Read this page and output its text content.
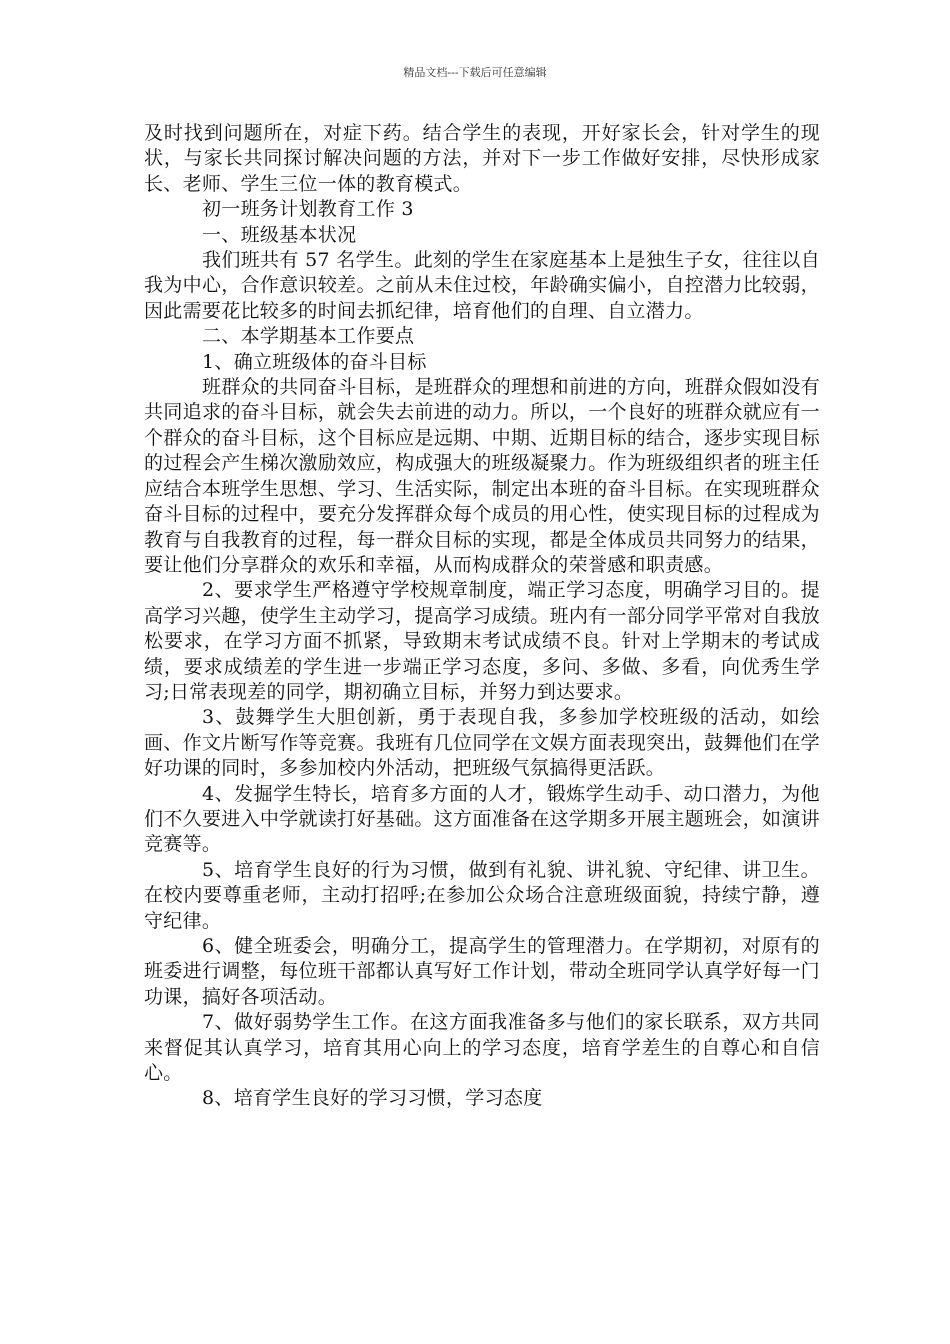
精品文档---下载后可任意编辑

及时找到问题所在，对症下药。结合学生的表现，开好家长会，针对学生的现状，与家长共同探讨解决问题的方法，并对下一步工作做好安排，尽快形成家长、老师、学生三位一体的教育模式。

初一班务计划教育工作 3

一、班级基本状况

我们班共有 57 名学生。此刻的学生在家庭基本上是独生子女，往往以自我为中心，合作意识较差。之前从未住过校，年龄确实偏小，自控潜力比较弱，因此需要花比较多的时间去抓纪律，培育他们的自理、自立潜力。

二、本学期基本工作要点

1、确立班级体的奋斗目标

班群众的共同奋斗目标，是班群众的理想和前进的方向，班群众假如没有共同追求的奋斗目标，就会失去前进的动力。所以，一个良好的班群众就应有一个群众的奋斗目标，这个目标应是远期、中期、近期目标的结合，逐步实现目标的过程会产生梯次激励效应，构成强大的班级凝聚力。作为班级组织者的班主任应结合本班学生思想、学习、生活实际，制定出本班的奋斗目标。在实现班群众奋斗目标的过程中，要充分发挥群众每个成员的用心性，使实现目标的过程成为教育与自我教育的过程，每一群众目标的实现，都是全体成员共同努力的结果，要让他们分享群众的欢乐和幸福，从而构成群众的荣誉感和职责感。

2、要求学生严格遵守学校规章制度，端正学习态度，明确学习目的。提高学习兴趣，使学生主动学习，提高学习成绩。班内有一部分同学平常对自我放松要求，在学习方面不抓紧，导致期末考试成绩不良。针对上学期末的考试成绩，要求成绩差的学生进一步端正学习态度，多问、多做、多看，向优秀生学习;日常表现差的同学，期初确立目标，并努力到达要求。

3、鼓舞学生大胆创新，勇于表现自我，多参加学校班级的活动，如绘画、作文片断写作等竞赛。我班有几位同学在文娱方面表现突出，鼓舞他们在学好功课的同时，多参加校内外活动，把班级气氛搞得更活跃。

4、发掘学生特长，培育多方面的人才，锻炼学生动手、动口潜力，为他们不久要进入中学就读打好基础。这方面准备在这学期多开展主题班会，如演讲竞赛等。

5、培育学生良好的行为习惯，做到有礼貌、讲礼貌、守纪律、讲卫生。在校内要尊重老师，主动打招呼;在参加公众场合注意班级面貌，持续宁静，遵守纪律。

6、健全班委会，明确分工，提高学生的管理潜力。在学期初，对原有的班委进行调整，每位班干部都认真写好工作计划，带动全班同学认真学好每一门功课，搞好各项活动。

7、做好弱势学生工作。在这方面我准备多与他们的家长联系，双方共同来督促其认真学习，培育其用心向上的学习态度，培育学差生的自尊心和自信心。

8、培育学生良好的学习习惯，学习态度
